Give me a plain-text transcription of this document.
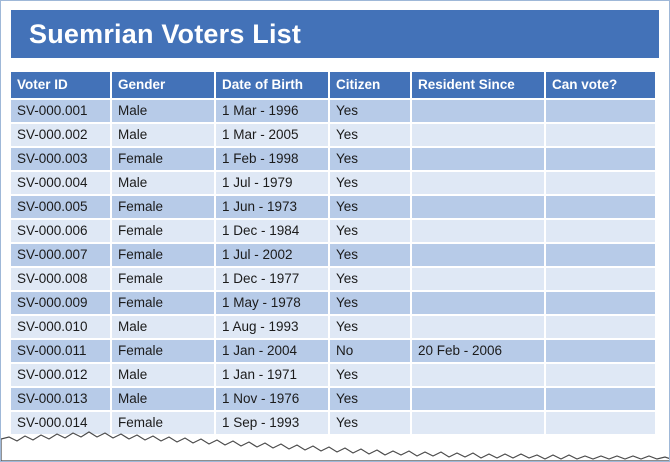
Suemrian Voters List
Voter ID	Gender	Date of Birth	Citizen	Resident Since	Can vote?
SV-000.001	Male	1 Mar - 1996	Yes		
SV-000.002	Male	1 Mar - 2005	Yes		
SV-000.003	Female	1 Feb - 1998	Yes		
SV-000.004	Male	1 Jul - 1979	Yes		
SV-000.005	Female	1 Jun - 1973	Yes		
SV-000.006	Female	1 Dec - 1984	Yes		
SV-000.007	Female	1 Jul - 2002	Yes		
SV-000.008	Female	1 Dec - 1977	Yes		
SV-000.009	Female	1 May - 1978	Yes		
SV-000.010	Male	1 Aug - 1993	Yes		
SV-000.011	Female	1 Jan - 2004	No	20 Feb - 2006	
SV-000.012	Male	1 Jan - 1971	Yes		
SV-000.013	Male	1 Nov - 1976	Yes		
SV-000.014	Female	1 Sep - 1993	Yes		
